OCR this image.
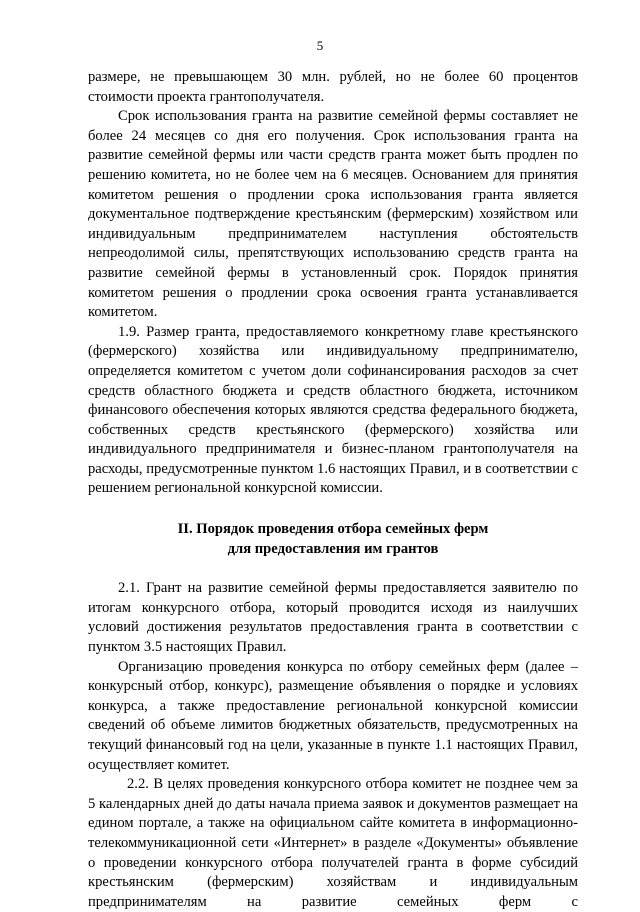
5

размере, не превышающем 30 млн. рублей, но не более 60 процентов стоимости проекта грантополучателя.

Срок использования гранта на развитие семейной фермы составляет не более 24 месяцев со дня его получения. Срок использования гранта на развитие семейной фермы или части средств гранта может быть продлен по решению комитета, но не более чем на 6 месяцев. Основанием для принятия комитетом решения о продлении срока использования гранта является документальное подтверждение крестьянским (фермерским) хозяйством или индивидуальным предпринимателем наступления обстоятельств непреодолимой силы, препятствующих использованию средств гранта на развитие семейной фермы в установленный срок. Порядок принятия комитетом решения о продлении срока освоения гранта устанавливается комитетом.

1.9. Размер гранта, предоставляемого конкретному главе крестьянского (фермерского) хозяйства или индивидуальному предпринимателю, определяется комитетом с учетом доли софинансирования расходов за счет средств областного бюджета и средств областного бюджета, источником финансового обеспечения которых являются средства федерального бюджета, собственных средств крестьянского (фермерского) хозяйства или индивидуального предпринимателя и бизнес-планом грантополучателя на расходы, предусмотренные пунктом 1.6 настоящих Правил, и в соответствии с решением региональной конкурсной комиссии.

II. Порядок проведения отбора семейных ферм
для предоставления им грантов

2.1. Грант на развитие семейной фермы предоставляется заявителю по итогам конкурсного отбора, который проводится исходя из наилучших условий достижения результатов предоставления гранта в соответствии с пунктом 3.5 настоящих Правил.

Организацию проведения конкурса по отбору семейных ферм (далее – конкурсный отбор, конкурс), размещение объявления о порядке и условиях конкурса, а также предоставление региональной конкурсной комиссии сведений об объеме лимитов бюджетных обязательств, предусмотренных на текущий финансовый год на цели, указанные в пункте 1.1 настоящих Правил, осуществляет комитет.

2.2. В целях проведения конкурсного отбора комитет не позднее чем за 5 календарных дней до даты начала приема заявок и документов размещает на едином портале, а также на официальном сайте комитета в информационно-телекоммуникационной сети «Интернет» в разделе «Документы» объявление о проведении конкурсного отбора получателей гранта в форме субсидий крестьянским (фермерским) хозяйствам и индивидуальным предпринимателям на развитие семейных ферм с
